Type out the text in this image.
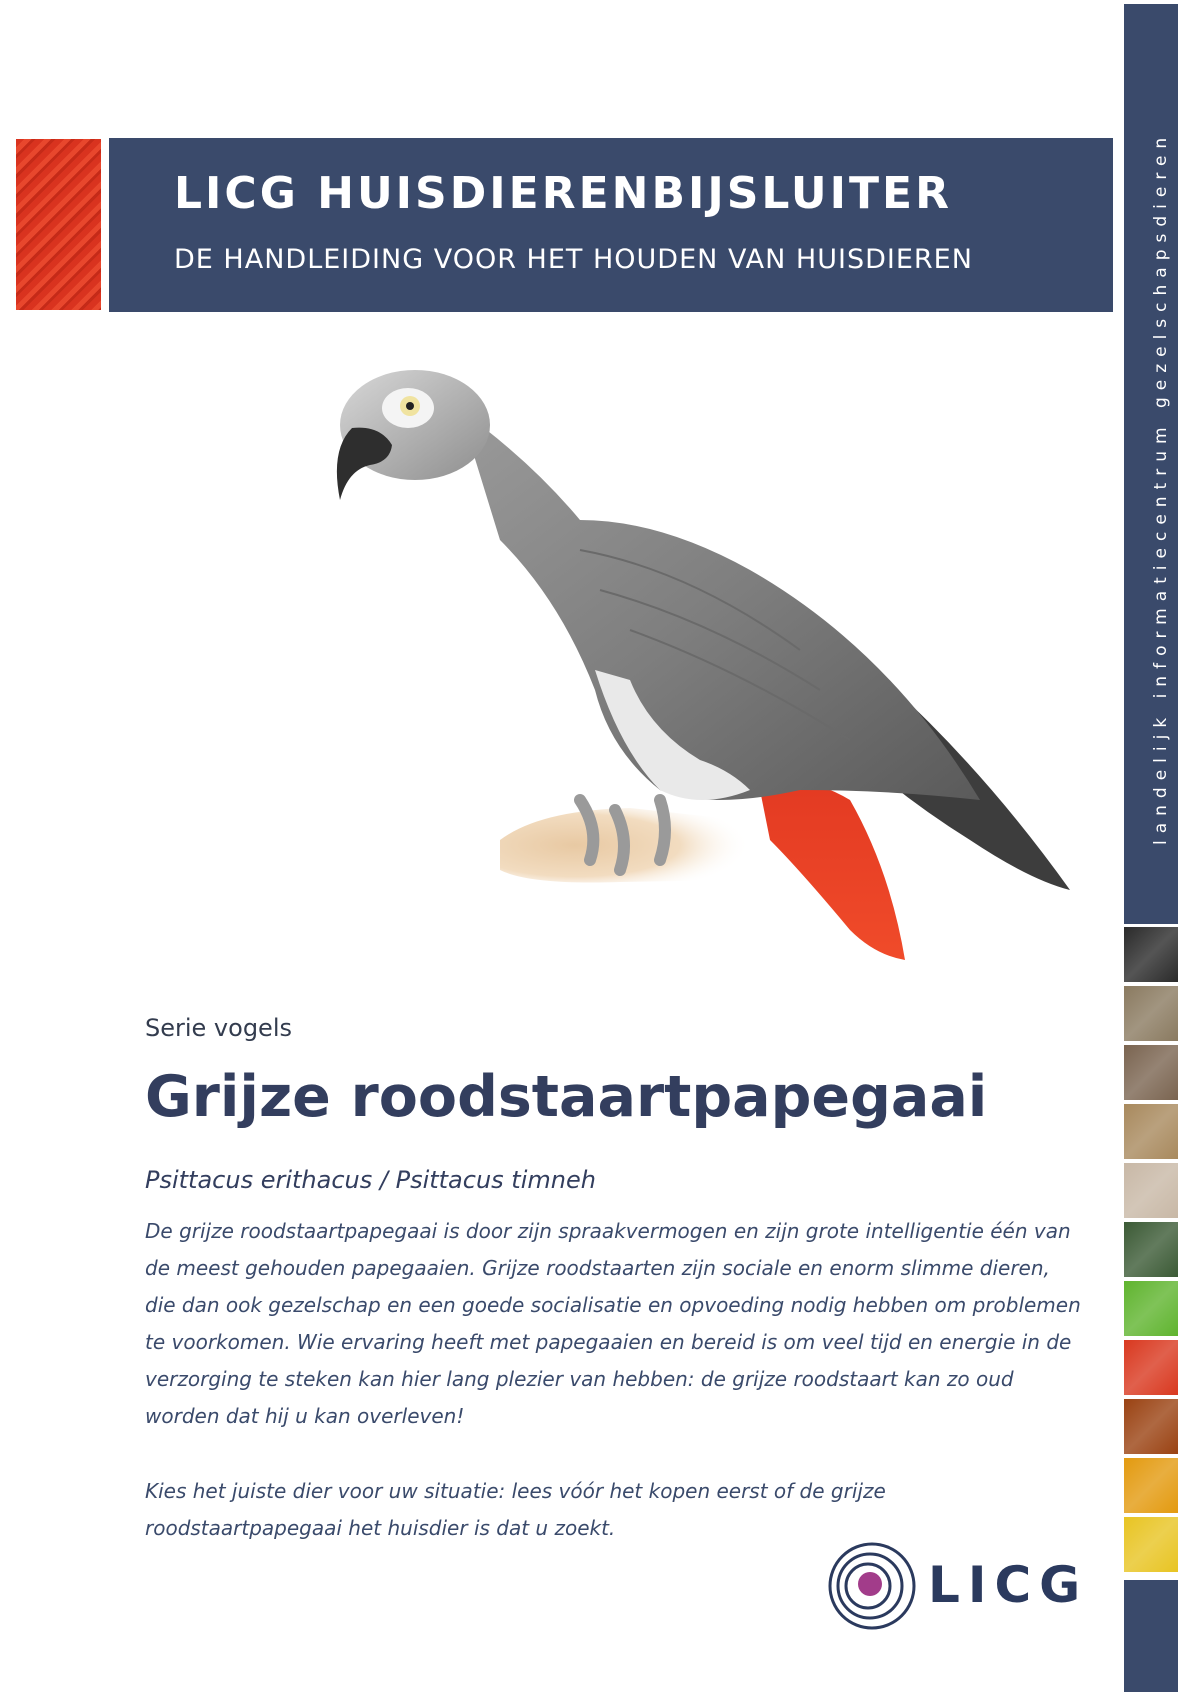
landelijk informatiecentrum gezelschapsdieren
LICG HUISDIERENBIJSLUITER
DE HANDLEIDING VOOR HET HOUDEN VAN HUISDIEREN
Serie vogels
Grijze roodstaartpapegaai
Psittacus erithacus / Psittacus timneh

De grijze roodstaartpapegaai is door zijn spraakvermogen en zijn grote intelligentie één van de meest gehouden papegaaien. Grijze roodstaarten zijn sociale en enorm slimme dieren, die dan ook gezelschap en een goede socialisatie en opvoeding nodig hebben om problemen te voorkomen. Wie ervaring heeft met papegaaien en bereid is om veel tijd en energie in de verzorging te steken kan hier lang plezier van hebben: de grijze roodstaart kan zo oud worden dat hij u kan overleven!

Kies het juiste dier voor uw situatie: lees vóór het kopen eerst of de grijze roodstaartpapegaai het huisdier is dat u zoekt.

LICG
